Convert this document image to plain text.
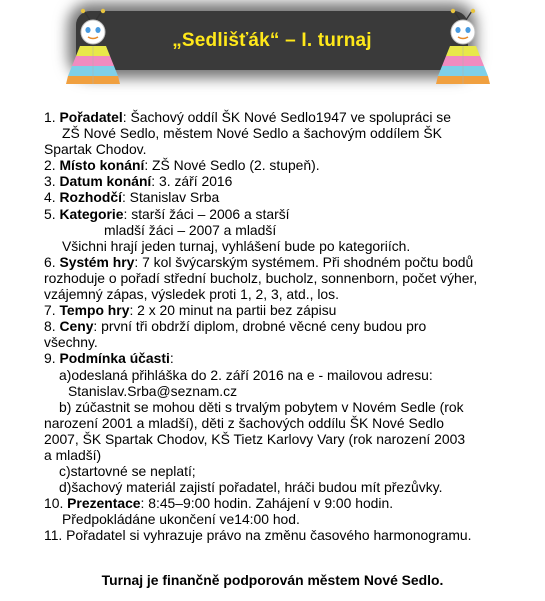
„Sedlišťák“ – I. turnaj
1. Pořadatel: Šachový oddíl ŠK Nové Sedlo1947 ve spolupráci se
ZŠ Nové Sedlo, městem Nové Sedlo a šachovým oddílem ŠK
Spartak Chodov.
2. Místo konání: ZŠ Nové Sedlo (2. stupeň).
3. Datum konání: 3. září 2016
4. Rozhodčí: Stanislav Srba
5. Kategorie: starší žáci – 2006 a starší
mladší žáci – 2007 a mladší
Všichni hrají jeden turnaj, vyhlášení bude po kategoriích.
6. Systém hry: 7 kol švýcarským systémem. Při shodném počtu bodů
rozhoduje o pořadí střední bucholz, bucholz, sonnenborn, počet výher,
vzájemný zápas, výsledek proti 1, 2, 3, atd., los.
7. Tempo hry: 2 x 20 minut na partii bez zápisu
8. Ceny: první tři obdrží diplom, drobné věcné ceny budou pro
všechny.
9. Podmínka účasti:
a)odeslaná přihláška do 2. září 2016 na e - mailovou adresu:
Stanislav.Srba@seznam.cz
b) zúčastnit se mohou děti s trvalým pobytem v Novém Sedle (rok
narození 2001 a mladší), děti z šachových oddílu ŠK Nové Sedlo
2007, ŠK Spartak Chodov, KŠ Tietz Karlovy Vary (rok narození 2003
a mladší)
c)startovné se neplatí;
d)šachový materiál zajistí pořadatel, hráči budou mít přezůvky.
10. Prezentace: 8:45–9:00 hodin. Zahájení v 9:00 hodin.
Předpokládáne ukončení ve14:00 hod.
11. Pořadatel si vyhrazuje právo na změnu časového harmonogramu.
Turnaj je finančně podporován městem Nové Sedlo.
